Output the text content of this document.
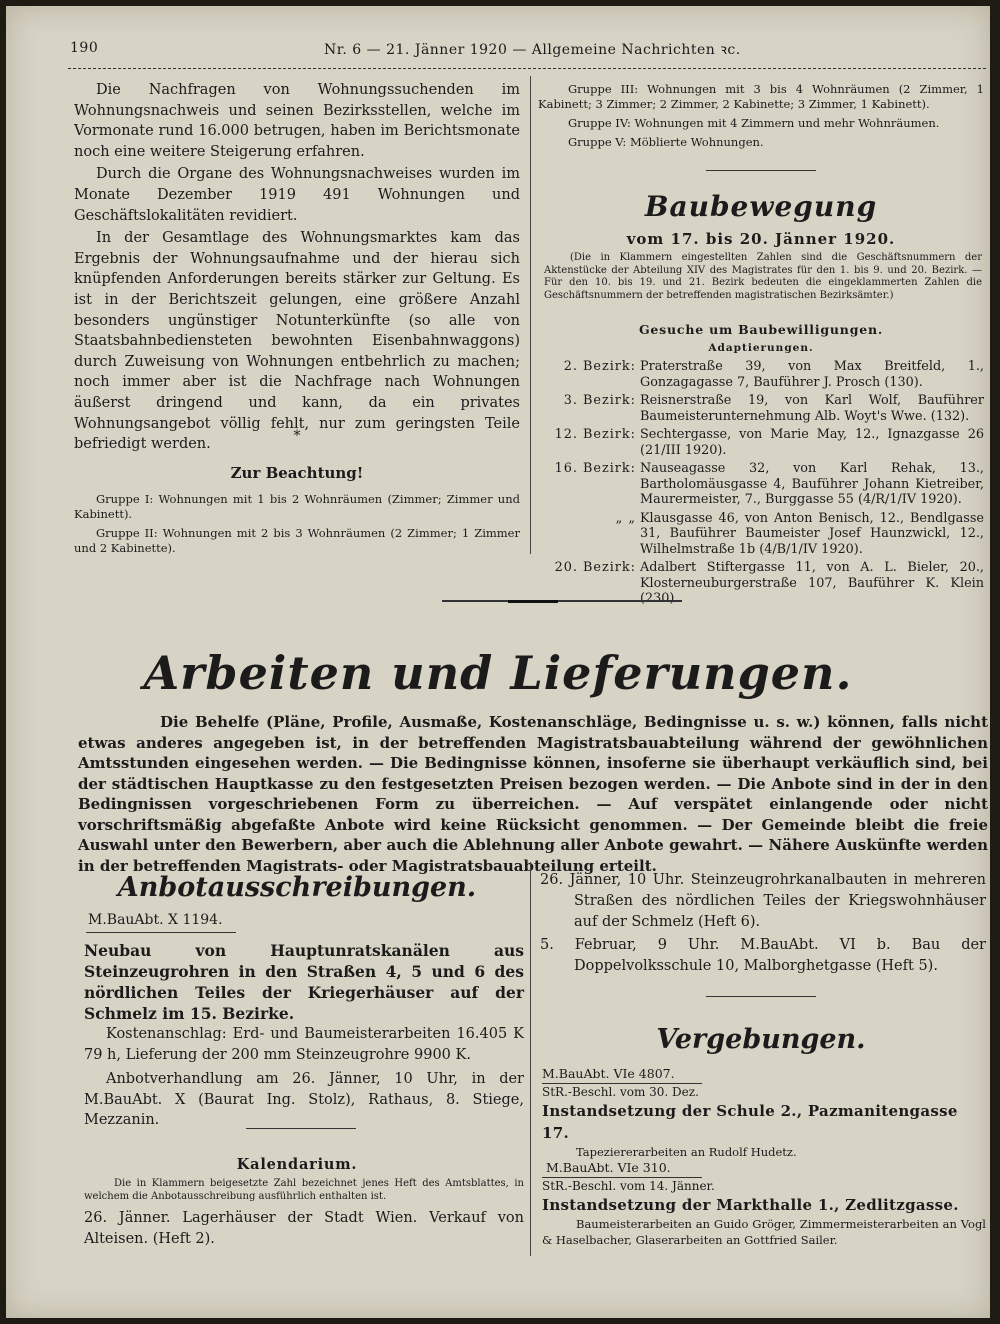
190	Nr. 6 — 21. Jänner 1920 — Allgemeine Nachrichten ꝛc.

Die Nachfragen von Wohnungssuchenden im Wohnungsnachweis und seinen Bezirksstellen, welche im Vormonate rund 16.000 betrugen, haben im Berichtsmonate noch eine weitere Steigerung erfahren.

Durch die Organe des Wohnungsnachweises wurden im Monate Dezember 1919 491 Wohnungen und Geschäftslokalitäten revidiert.

In der Gesamtlage des Wohnungsmarktes kam das Ergebnis der Wohnungsaufnahme und der hierau sich knüpfenden Anforderungen bereits stärker zur Geltung. Es ist in der Berichtszeit gelungen, eine größere Anzahl besonders ungünstiger Notunterkünfte (so alle von Staatsbahnbediensteten bewohnten Eisenbahnwaggons) durch Zuweisung von Wohnungen entbehrlich zu machen; noch immer aber ist die Nachfrage nach Wohnungen äußerst dringend und kann, da ein privates Wohnungsangebot völlig fehlt, nur zum geringsten Teile befriedigt werden.

*
Zur Beachtung!
Gruppe I: Wohnungen mit 1 bis 2 Wohnräumen (Zimmer; Zimmer und Kabinett).
Gruppe II: Wohnungen mit 2 bis 3 Wohnräumen (2 Zimmer; 1 Zimmer und 2 Kabinette).
Gruppe III: Wohnungen mit 3 bis 4 Wohnräumen (2 Zimmer, 1 Kabinett; 3 Zimmer; 2 Zimmer, 2 Kabinette; 3 Zimmer, 1 Kabinett).
Gruppe IV: Wohnungen mit 4 Zimmern und mehr Wohnräumen.
Gruppe V: Möblierte Wohnungen.
Baubewegung
vom 17. bis 20. Jänner 1920.
(Die in Klammern eingestellten Zahlen sind die Geschäftsnummern der Aktenstücke der Abteilung XIV des Magistrates für den 1. bis 9. und 20. Bezirk. — Für den 10. bis 19. und 21. Bezirk bedeuten die eingeklammerten Zahlen die Geschäftsnummern der betreffenden magistratischen Bezirksämter.)
Gesuche um Baubewilligungen.
Adaptierungen.
2. Bezirk: Praterstraße 39, von Max Breitfeld, 1., Gonzagagasse 7, Bauführer J. Prosch (130).
3. Bezirk: Reisnerstraße 19, von Karl Wolf, Bauführer Baumeisterunternehmung Alb. Woyt's Wwe. (132).
12. Bezirk: Sechtergasse, von Marie May, 12., Ignazgasse 26 (21/III 1920).
16. Bezirk: Nauseagasse 32, von Karl Rehak, 13., Bartholomäusgasse 4, Bauführer Johann Kietreiber, Maurermeister, 7., Burggasse 55 (4/R/1/IV 1920).
„ „ Klausgasse 46, von Anton Benisch, 12., Bendlgasse 31, Bauführer Baumeister Josef Haunzwickl, 12., Wilhelmstraße 1b (4/B/1/IV 1920).
20. Bezirk: Adalbert Stiftergasse 11, von A. L. Bieler, 20., Klosterneuburgerstraße 107, Bauführer K. Klein (230).
Arbeiten und Lieferungen.
Die Behelfe (Pläne, Profile, Ausmaße, Kostenanschläge, Bedingnisse u. s. w.) können, falls nicht etwas anderes angegeben ist, in der betreffenden Magistratsbauabteilung während der gewöhnlichen Amtsstunden eingesehen werden. — Die Bedingnisse können, insoferne sie überhaupt verkäuflich sind, bei der städtischen Hauptkasse zu den festgesetzten Preisen bezogen werden. — Die Anbote sind in der in den Bedingnissen vorgeschriebenen Form zu überreichen. — Auf verspätet einlangende oder nicht vorschriftsmäßig abgefaßte Anbote wird keine Rücksicht genommen. — Der Gemeinde bleibt die freie Auswahl unter den Bewerbern, aber auch die Ablehnung aller Anbote gewahrt. — Nähere Auskünfte werden in der betreffenden Magistrats- oder Magistratsbauabteilung erteilt.
Anbotausschreibungen.
M.BauAbt. X 1194.
Neubau von Hauptunratskanälen aus Steinzeugrohren in den Straßen 4, 5 und 6 des nördlichen Teiles der Kriegerhäuser auf der Schmelz im 15. Bezirke.

Kostenanschlag: Erd- und Baumeisterarbeiten 16.405 K 79 h, Lieferung der 200 mm Steinzeugrohre 9900 K.

Anbotverhandlung am 26. Jänner, 10 Uhr, in der M.BauAbt. X (Baurat Ing. Stolz), Rathaus, 8. Stiege, Mezzanin.

Kalendarium.
Die in Klammern beigesetzte Zahl bezeichnet jenes Heft des Amtsblattes, in welchem die Anbotausschreibung ausführlich enthalten ist.
26. Jänner. Lagerhäuser der Stadt Wien. Verkauf von Alteisen. (Heft 2).
26. Jänner, 10 Uhr. Steinzeugrohrkanalbauten in mehreren Straßen des nördlichen Teiles der Kriegswohnhäuser auf der Schmelz (Heft 6).
5. Februar, 9 Uhr. M.BauAbt. VI b. Bau der Doppelvolksschule 10, Malborghetgasse (Heft 5).
Vergebungen.
M.BauAbt. VIe 4807.
StR.-Beschl. vom 30. Dez.
Instandsetzung der Schule 2., Pazmanitengasse 17.
Tapeziererarbeiten an Rudolf Hudetz.
M.BauAbt. VIe 310.
StR.-Beschl. vom 14. Jänner.
Instandsetzung der Markthalle 1., Zedlitzgasse.
Baumeisterarbeiten an Guido Gröger, Zimmermeisterarbeiten an Vogl & Haselbacher, Glaserarbeiten an Gottfried Sailer.
